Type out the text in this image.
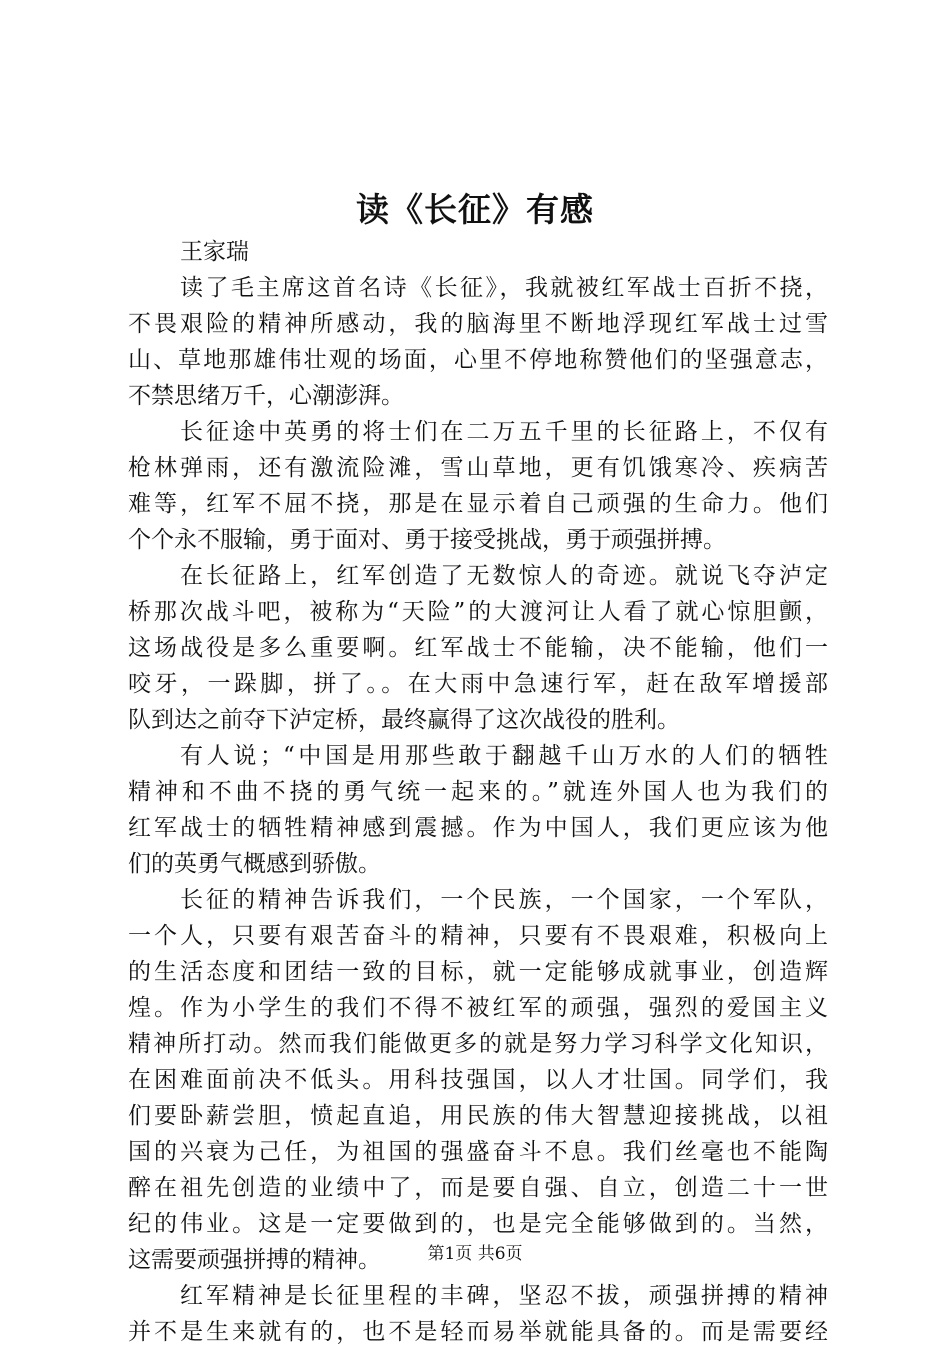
读《长征》有感
王家瑞
读了毛主席这首名诗《长征》，我就被红军战士百折不挠，
不畏艰险的精神所感动，我的脑海里不断地浮现红军战士过雪
山、草地那雄伟壮观的场面，心里不停地称赞他们的坚强意志，
不禁思绪万千，心潮澎湃。
长征途中英勇的将士们在二万五千里的长征路上，不仅有
枪林弹雨，还有激流险滩，雪山草地，更有饥饿寒冷、疾病苦
难等，红军不屈不挠，那是在显示着自己顽强的生命力。他们
个个永不服输，勇于面对、勇于接受挑战，勇于顽强拼搏。
在长征路上，红军创造了无数惊人的奇迹。就说飞夺泸定
桥那次战斗吧，被称为“天险”的大渡河让人看了就心惊胆颤，
这场战役是多么重要啊。红军战士不能输，决不能输，他们一
咬牙，一跺脚，拼了。。在大雨中急速行军，赶在敌军增援部
队到达之前夺下泸定桥，最终赢得了这次战役的胜利。
有人说；“中国是用那些敢于翻越千山万水的人们的牺牲
精神和不曲不挠的勇气统一起来的。”就连外国人也为我们的
红军战士的牺牲精神感到震撼。作为中国人，我们更应该为他
们的英勇气概感到骄傲。
长征的精神告诉我们，一个民族，一个国家，一个军队，
一个人，只要有艰苦奋斗的精神，只要有不畏艰难，积极向上
的生活态度和团结一致的目标，就一定能够成就事业，创造辉
煌。作为小学生的我们不得不被红军的顽强，强烈的爱国主义
精神所打动。然而我们能做更多的就是努力学习科学文化知识，
在困难面前决不低头。用科技强国，以人才壮国。同学们，我
们要卧薪尝胆，愤起直追，用民族的伟大智慧迎接挑战，以祖
国的兴衰为己任，为祖国的强盛奋斗不息。我们丝毫也不能陶
醉在祖先创造的业绩中了，而是要自强、自立，创造二十一世
纪的伟业。这是一定要做到的，也是完全能够做到的。当然，
这需要顽强拼搏的精神。
红军精神是长征里程的丰碑，坚忍不拔，顽强拼搏的精神
并不是生来就有的，也不是轻而易举就能具备的。而是需要经
第1页 共6页
